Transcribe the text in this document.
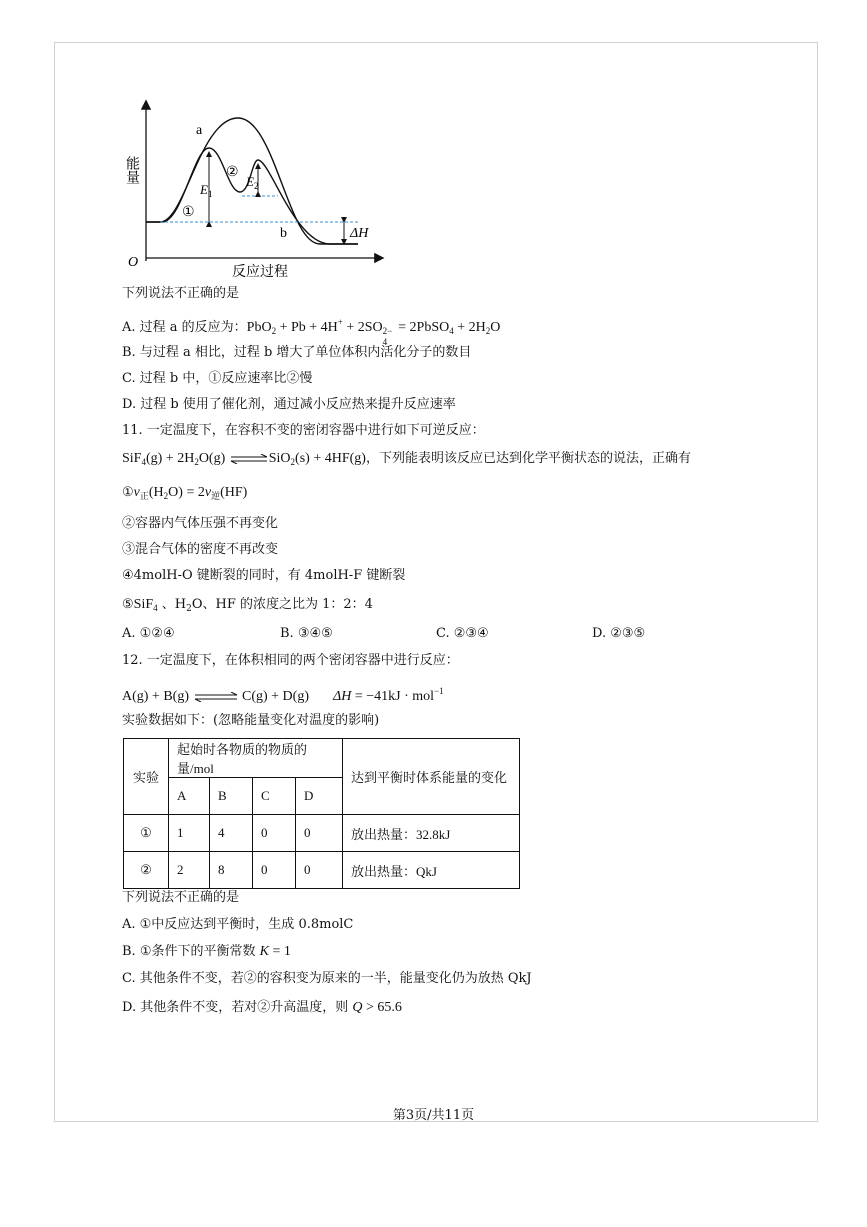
能量
O
反应过程
a
b
①
②
$E_1$
$E_2$
ΔH
下列说法不正确的是
A. 过程 a 的反应为：PbO$_2$ + Pb + 4H+ + 2SO 2−
4
= 2PbSO$_4$ + $2H_2O$
B. 与过程 a 相比，过程 b 增大了单位体积内活化分子的数目
C. 过程 b 中，①反应速率比②慢
D. 过程 b 使用了催化剂，通过减小反应热来提升反应速率
11. 一定温度下，在容积不变的密闭容器中进行如下可逆反应：
$SiF_4(g) + 2H_2O(g)$ ⇌SiO$_2$(s) + 4HF(g)，下列能表明该反应已达到化学平衡状态的说法，正确有
$①v_正(H_2O) = 2v_逆(HF)$
②容器内气体压强不再变化
③混合气体的密度不再改变
④4molH-O 键断裂的同时，有 4molH-F 键断裂
⑤SiF$_4$ 、$H_2O$、HF 的浓度之比为 1：2：4
A. ①②④	B. ③④⑤	C. ②③④	D. ②③⑤
12. 一定温度下，在体积相同的两个密闭容器中进行反应：
A(g) + B(g) ⇌ C(g) + D(g) ΔH = −41kJ · mol$^{-1}$
实验数据如下：(忽略能量变化对温度的影响)
实验	起始时各物质的物质的量/mol				达到平衡时体系能量的变化
	A	B	C	D	
①	1	4	0	0	放出热量：32.8kJ
②	2	8	0	0	放出热量：QkJ
下列说法不正确的是
A. ①中反应达到平衡时，生成 0.8molC
B. ①条件下的平衡常数 K = 1
C. 其他条件不变，若②的容积变为原来的一半，能量变化仍为放热 QkJ
D. 其他条件不变，若对②升高温度，则 Q > 65.6
第3页/共11页
